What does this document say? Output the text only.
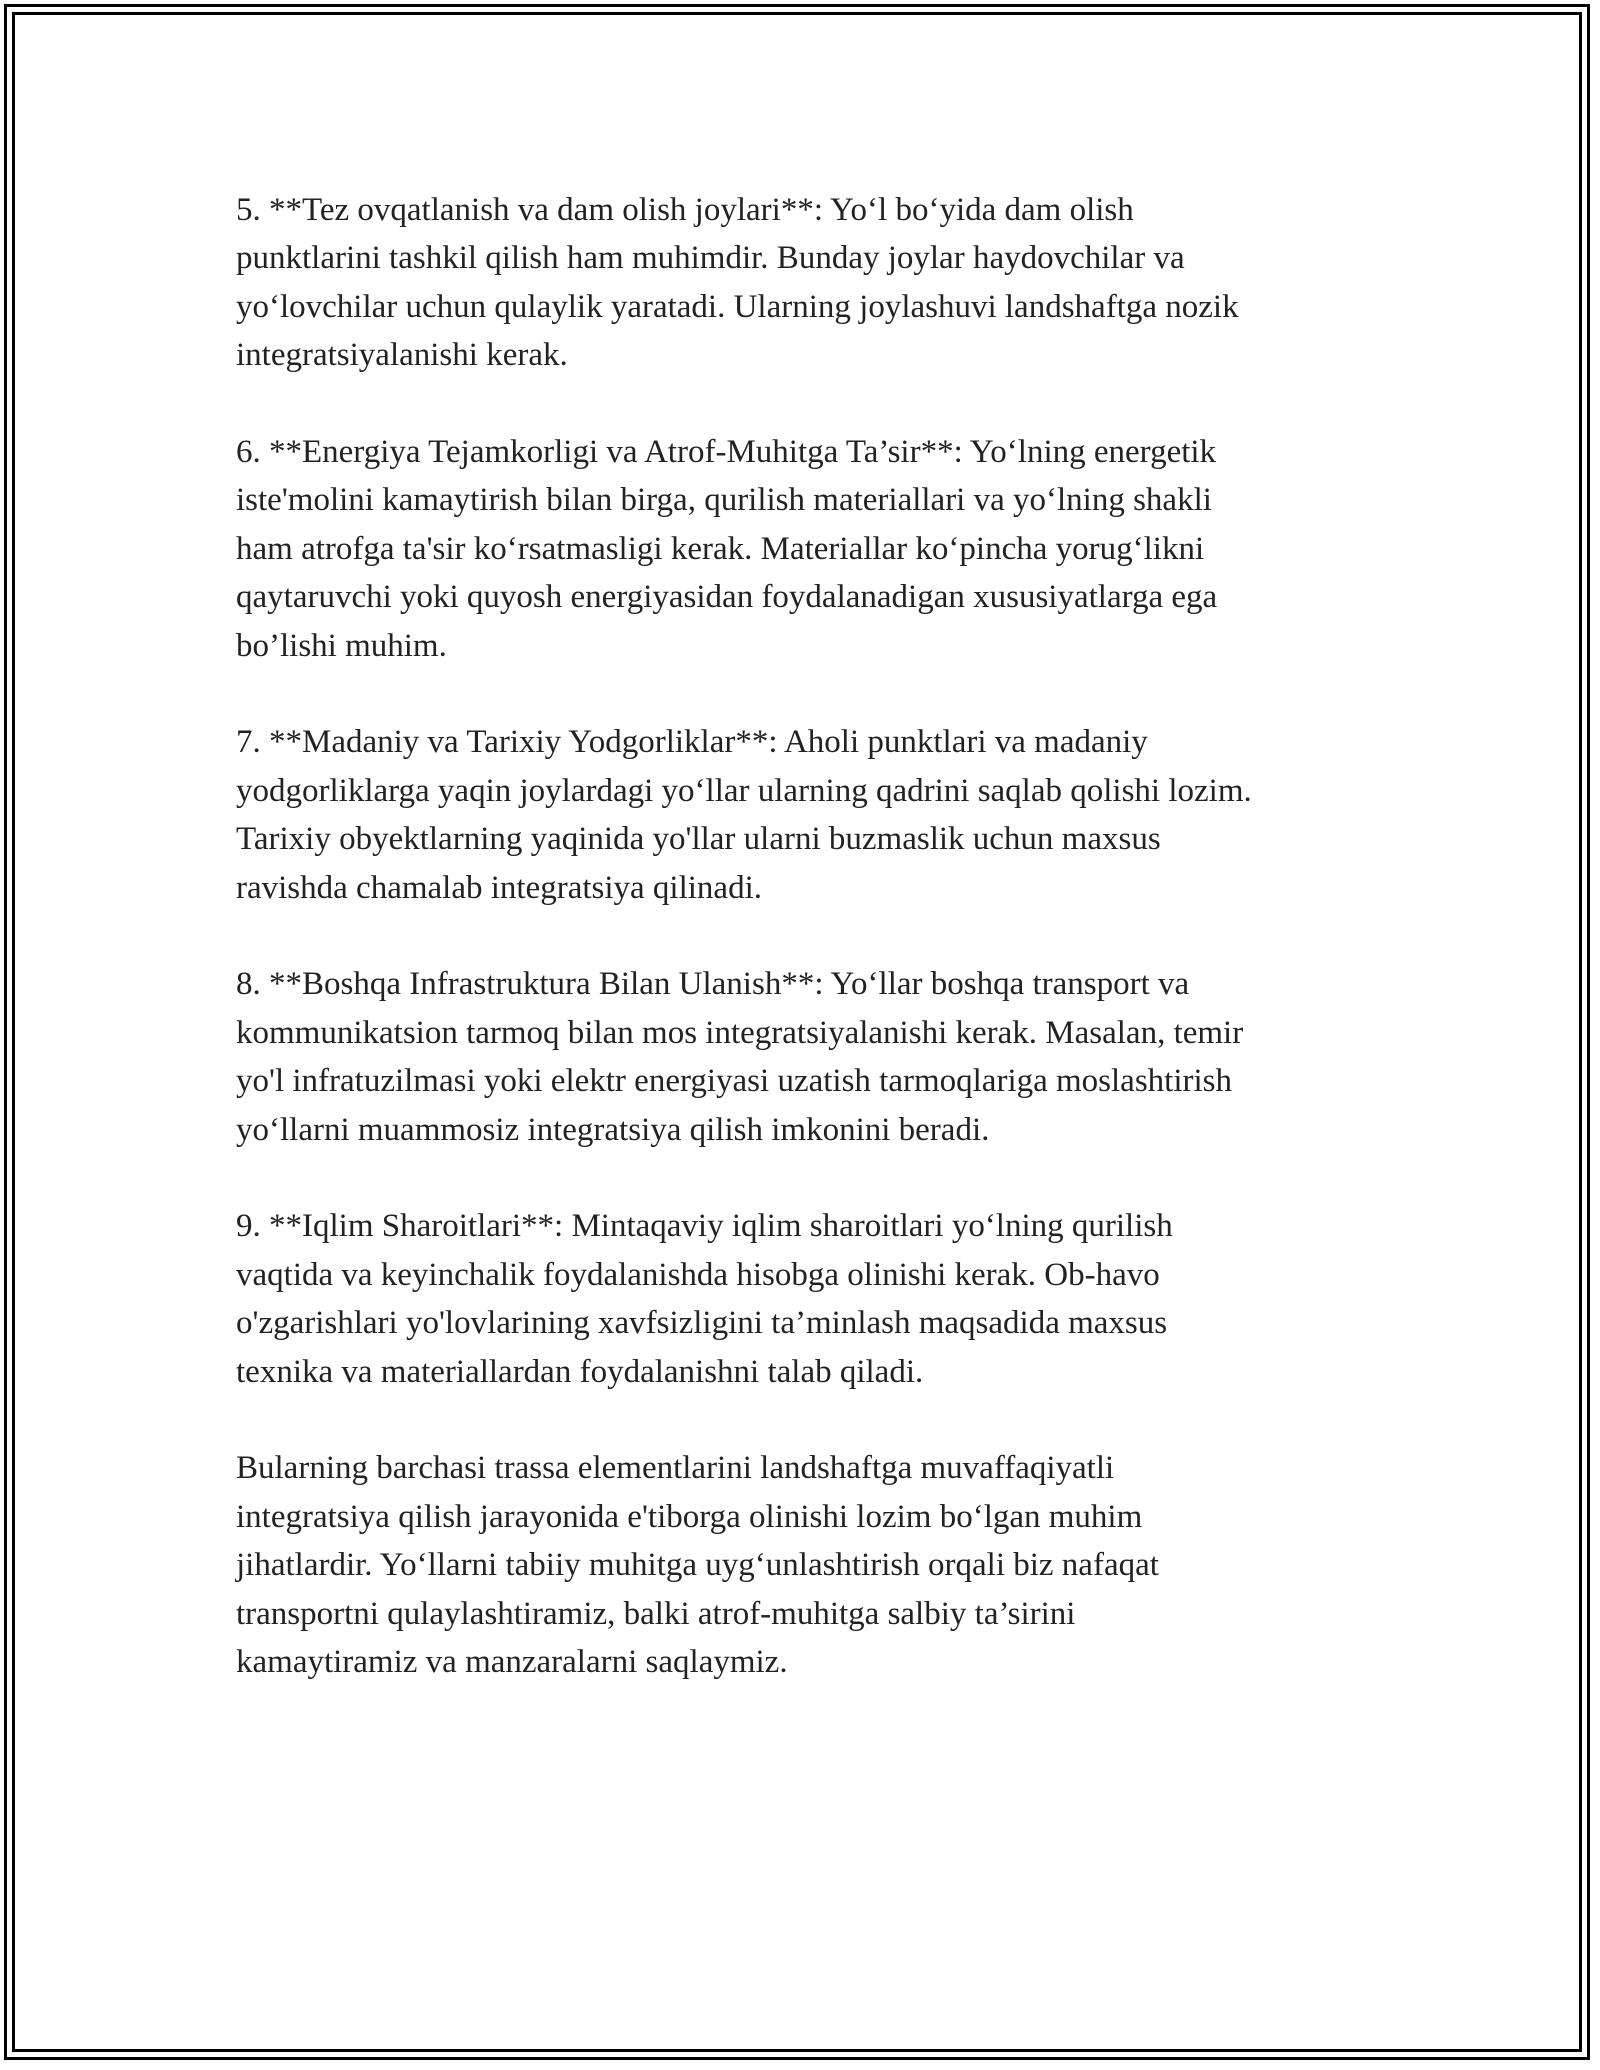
5. **Tez ovqatlanish va dam olish joylari**: Yo‘l bo‘yida dam olish
punktlarini tashkil qilish ham muhimdir. Bunday joylar haydovchilar va
yo‘lovchilar uchun qulaylik yaratadi. Ularning joylashuvi landshaftga nozik
integratsiyalanishi kerak.

6. **Energiya Tejamkorligi va Atrof-Muhitga Ta’sir**: Yo‘lning energetik
iste'molini kamaytirish bilan birga, qurilish materiallari va yo‘lning shakli
ham atrofga ta'sir ko‘rsatmasligi kerak. Materiallar ko‘pincha yorug‘likni
qaytaruvchi yoki quyosh energiyasidan foydalanadigan xususiyatlarga ega
bo’lishi muhim.

7. **Madaniy va Tarixiy Yodgorliklar**: Aholi punktlari va madaniy
yodgorliklarga yaqin joylardagi yo‘llar ularning qadrini saqlab qolishi lozim.
Tarixiy obyektlarning yaqinida yo'llar ularni buzmaslik uchun maxsus
ravishda chamalab integratsiya qilinadi.

8. **Boshqa Infrastruktura Bilan Ulanish**: Yo‘llar boshqa transport va
kommunikatsion tarmoq bilan mos integratsiyalanishi kerak. Masalan, temir
yo'l infratuzilmasi yoki elektr energiyasi uzatish tarmoqlariga moslashtirish
yo‘llarni muammosiz integratsiya qilish imkonini beradi.

9. **Iqlim Sharoitlari**: Mintaqaviy iqlim sharoitlari yo‘lning qurilish
vaqtida va keyinchalik foydalanishda hisobga olinishi kerak. Ob-havo
o'zgarishlari yo'lovlarining xavfsizligini ta’minlash maqsadida maxsus
texnika va materiallardan foydalanishni talab qiladi.

Bularning barchasi trassa elementlarini landshaftga muvaffaqiyatli
integratsiya qilish jarayonida e'tiborga olinishi lozim bo‘lgan muhim
jihatlardir. Yo‘llarni tabiiy muhitga uyg‘unlashtirish orqali biz nafaqat
transportni qulaylashtiramiz, balki atrof-muhitga salbiy ta’sirini
kamaytiramiz va manzaralarni saqlaymiz.
